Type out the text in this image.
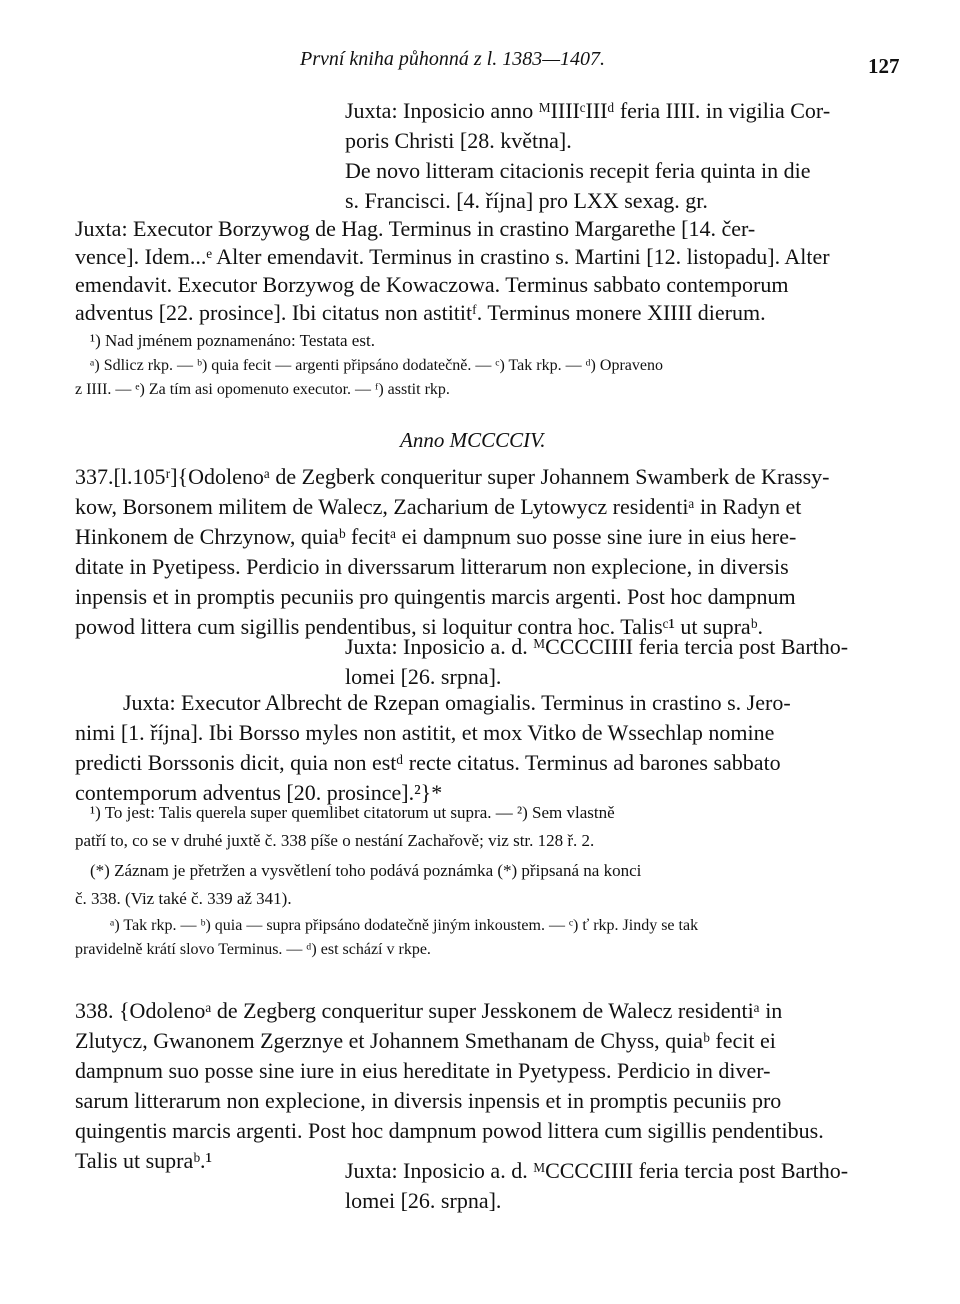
První kniha půhonná z l. 1383—1407.	127
Juxta: Inposicio anno ᴹIIIIᶜIIIᵈ feria IIII. in vigilia Cor-
poris Christi [28. května].
De novo litteram citacionis recepit feria quinta in die
s. Francisci. [4. října] pro LXX sexag. gr.
Juxta: Executor Borzywog de Hag. Terminus in crastino Margarethe [14. čer-
vence]. Idem...ᵉ Alter emendavit. Terminus in crastino s. Martini [12. listopadu]. Alter
emendavit. Executor Borzywog de Kowaczowa. Terminus sabbato contemporum
adventus [22. prosince]. Ibi citatus non astititᶠ. Terminus monere XIIII dierum.
¹) Nad jménem poznamenáno: Testata est.
ᵃ) Sdlicz rkp. — ᵇ) quia fecit — argenti připsáno dodatečně. — ᶜ) Tak rkp. — ᵈ) Opraveno
z IIII. — ᵉ) Za tím asi opomenuto executor. — ᶠ) asstit rkp.
Anno MCCCCIV.
337.[l.105ʳ]{Odolenoᵃ de Zegberk conqueritur super Johannem Swamberk de Krassy-
kow, Borsonem militem de Walecz, Zacharium de Lytowycz residentiᵃ in Radyn et
Hinkonem de Chrzynow, quiaᵇ fecitᵃ ei dampnum suo posse sine iure in eius here-
ditate in Pyetipess. Perdicio in diverssarum litterarum non explecione, in diversis
inpensis et in promptis pecuniis pro quingentis marcis argenti. Post hoc dampnum
powod littera cum sigillis pendentibus, si loquitur contra hoc. Talisᶜ¹ ut supraᵇ.
Juxta: Inposicio a. d. ᴹCCCCIIII feria tercia post Bartho-
lomei [26. srpna].
Juxta: Executor Albrecht de Rzepan omagialis. Terminus in crastino s. Jero-
nimi [1. října]. Ibi Borsso myles non astitit, et mox Vitko de Wssechlap nomine
predicti Borssonis dicit, quia non estᵈ recte citatus. Terminus ad barones sabbato
contemporum adventus [20. prosince].²}*
¹) To jest: Talis querela super quemlibet citatorum ut supra. — ²) Sem vlastně
patří to, co se v druhé juxtě č. 338 píše o nestání Zachařově; viz str. 128 ř. 2.
(*) Záznam je přetržen a vysvětlení toho podává poznámka (*) připsaná na konci
č. 338. (Viz také č. 339 až 341).
ᵃ) Tak rkp. — ᵇ) quia — supra připsáno dodatečně jiným inkoustem. — ᶜ) ť rkp. Jindy se tak
pravidelně krátí slovo Terminus. — ᵈ) est schází v rkpe.
338. {Odolenoᵃ de Zegberg conqueritur super Jesskonem de Walecz residentiᵃ in
Zlutycz, Gwanonem Zgerznye et Johannem Smethanam de Chyss, quiaᵇ fecit ei
dampnum suo posse sine iure in eius hereditate in Pyetypess. Perdicio in diver-
sarum litterarum non explecione, in diversis inpensis et in promptis pecuniis pro
quingentis marcis argenti. Post hoc dampnum powod littera cum sigillis pendentibus.
Talis ut supraᵇ.¹	Juxta: Inposicio a. d. ᴹCCCCIIII feria tercia post Bartho-
lomei [26. srpna].
